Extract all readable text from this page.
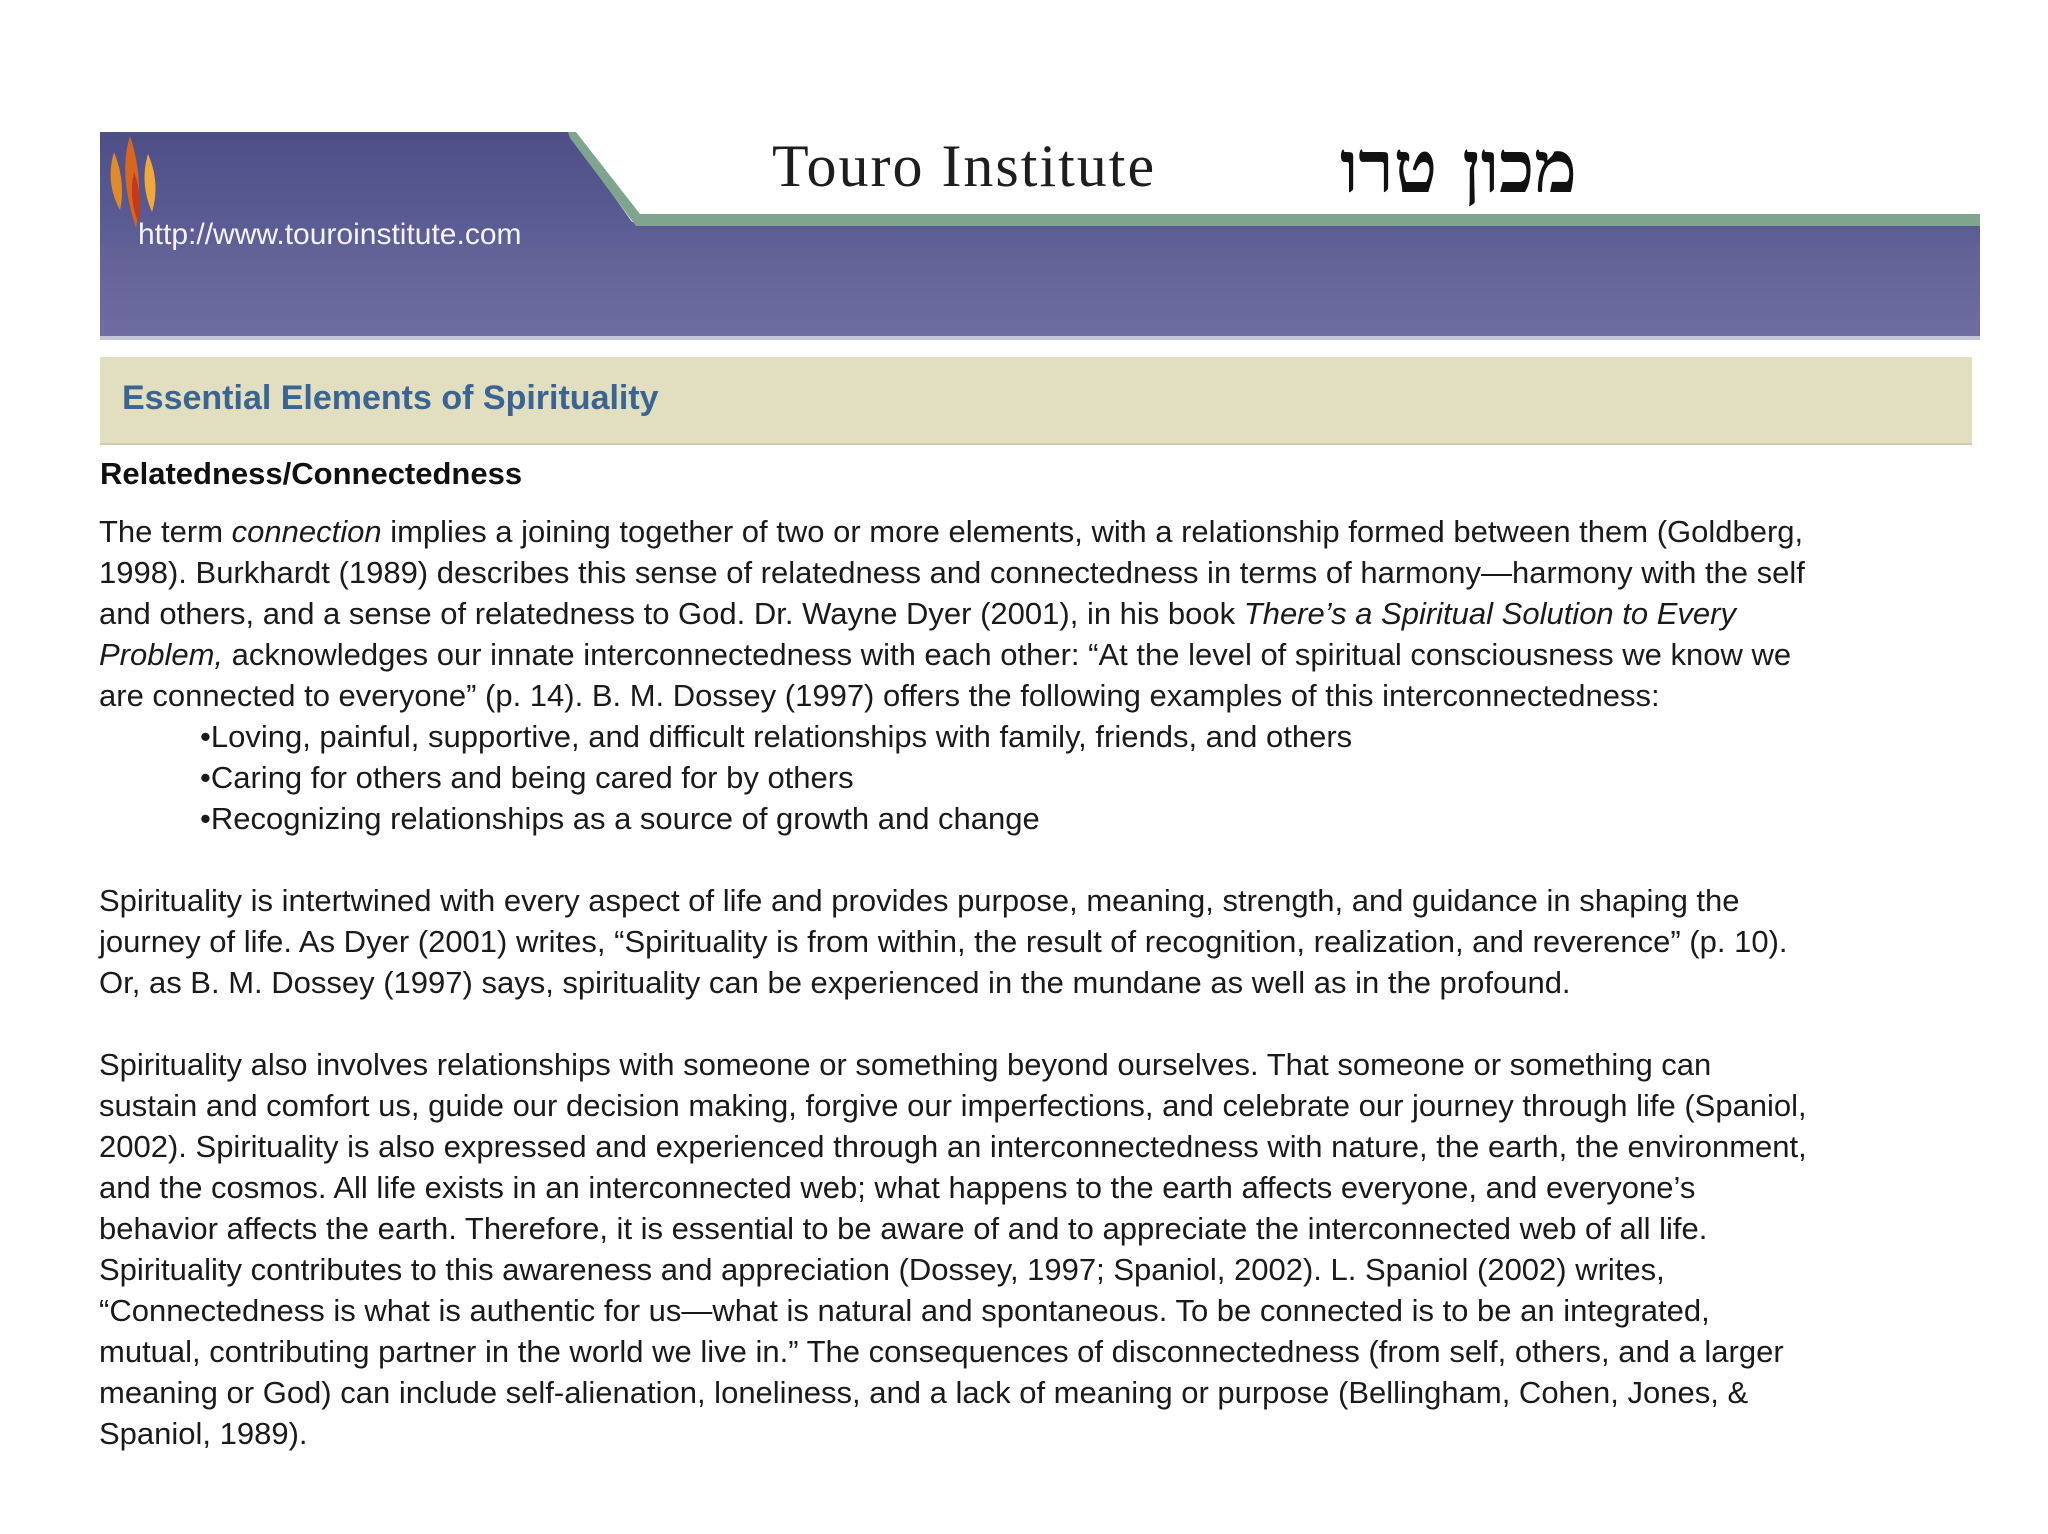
http://www.touroinstitute.com
Touro Institute	מכון טרו
Essential Elements of Spirituality
Relatedness/Connectedness
The term connection implies a joining together of two or more elements, with a relationship formed between them (Goldberg,
1998). Burkhardt (1989) describes this sense of relatedness and connectedness in terms of harmony—harmony with the self
and others, and a sense of relatedness to God. Dr. Wayne Dyer (2001), in his book There’s a Spiritual Solution to Every
Problem, acknowledges our innate interconnectedness with each other: “At the level of spiritual consciousness we know we
are connected to everyone” (p. 14). B. M. Dossey (1997) offers the following examples of this interconnectedness:
•Loving, painful, supportive, and difficult relationships with family, friends, and others
•Caring for others and being cared for by others
•Recognizing relationships as a source of growth and change
Spirituality is intertwined with every aspect of life and provides purpose, meaning, strength, and guidance in shaping the
journey of life. As Dyer (2001) writes, “Spirituality is from within, the result of recognition, realization, and reverence” (p. 10).
Or, as B. M. Dossey (1997) says, spirituality can be experienced in the mundane as well as in the profound.
Spirituality also involves relationships with someone or something beyond ourselves. That someone or something can
sustain and comfort us, guide our decision making, forgive our imperfections, and celebrate our journey through life (Spaniol,
2002). Spirituality is also expressed and experienced through an interconnectedness with nature, the earth, the environment,
and the cosmos. All life exists in an interconnected web; what happens to the earth affects everyone, and everyone’s
behavior affects the earth. Therefore, it is essential to be aware of and to appreciate the interconnected web of all life.
Spirituality contributes to this awareness and appreciation (Dossey, 1997; Spaniol, 2002). L. Spaniol (2002) writes,
“Connectedness is what is authentic for us—what is natural and spontaneous. To be connected is to be an integrated,
mutual, contributing partner in the world we live in.” The consequences of disconnectedness (from self, others, and a larger
meaning or God) can include self-alienation, loneliness, and a lack of meaning or purpose (Bellingham, Cohen, Jones, &
Spaniol, 1989).
